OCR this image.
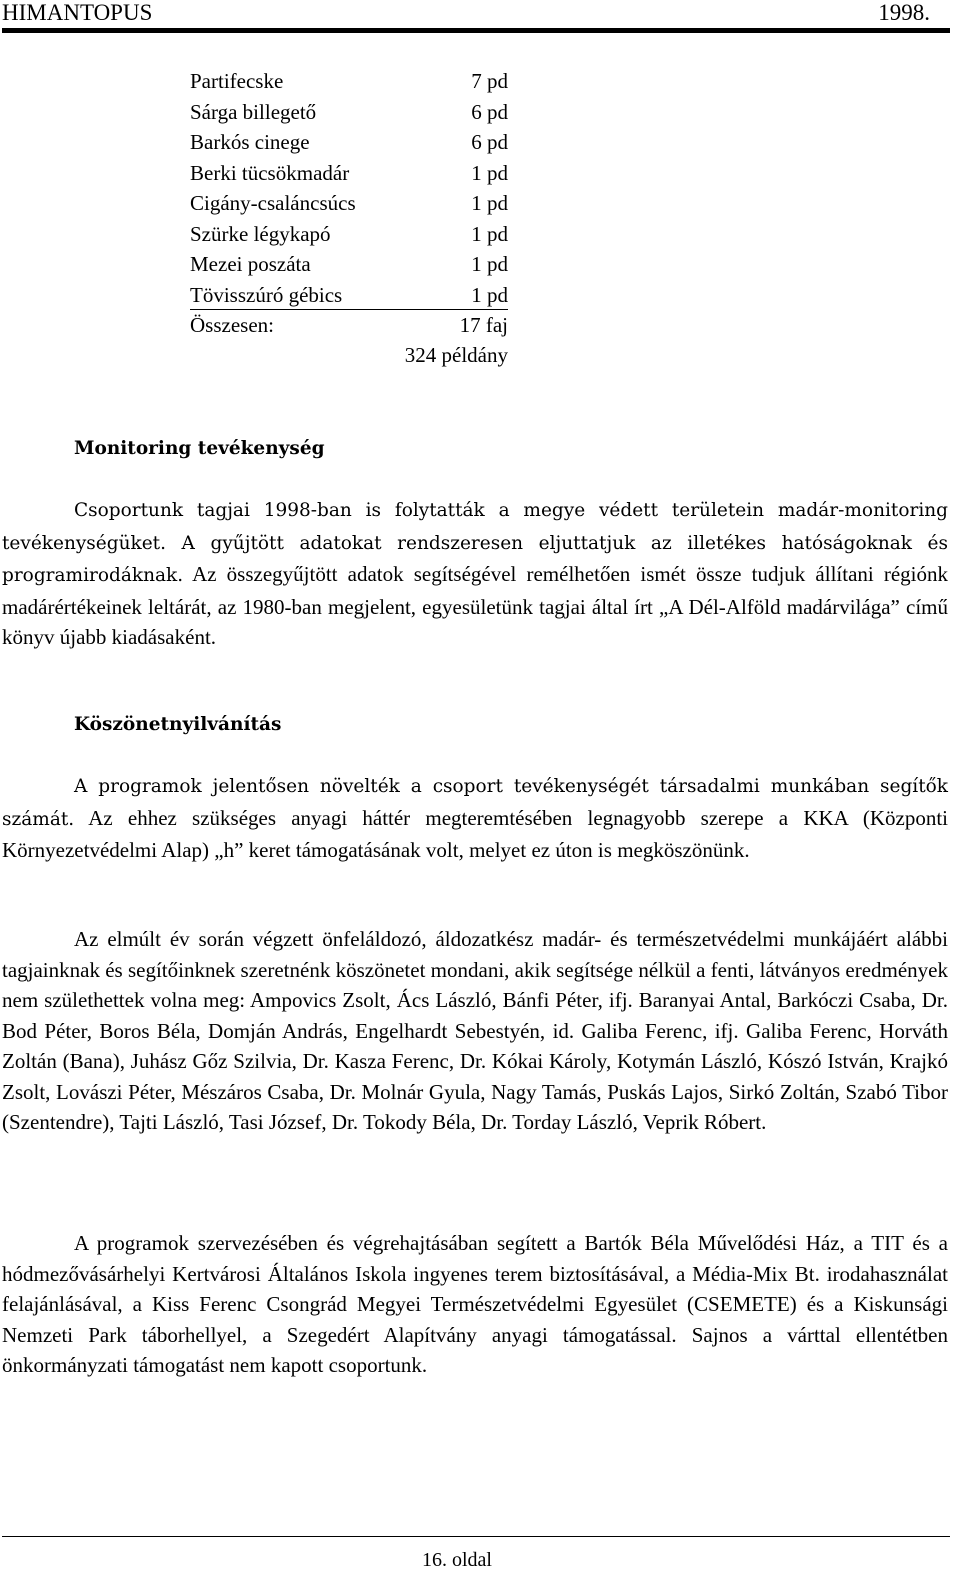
HIMANTOPUS	1998.
Partifecske	7 pd
Sárga billegető	6 pd
Barkós cinege	6 pd
Berki tücsökmadár	1 pd
Cigány-csaláncsúcs	1 pd
Szürke légykapó	1 pd
Mezei poszáta	1 pd
Tövisszúró gébics	1 pd
Összesen:	17 faj
324 példány
Monitoring tevékenység

Csoportunk tagjai 1998-ban is folytatták a megye védett területein madár-monitoring tevékenységüket. A gyűjtött adatokat rendszeresen eljuttatjuk az illetékes hatóságoknak és programirodáknak. Az összegyűjtött adatok segítségével remélhetően ismét össze tudjuk állítani régiónk madárértékeinek leltárát, az 1980-ban megjelent, egyesületünk tagjai által írt „A Dél-Alföld madárvilága” című könyv újabb kiadásaként.

Köszönetnyilvánítás

A programok jelentősen növelték a csoport tevékenységét társadalmi munkában segítők számát. Az ehhez szükséges anyagi háttér megteremtésében legnagyobb szerepe a KKA (Központi Környezetvédelmi Alap) „h” keret támogatásának volt, melyet ez úton is megköszönünk.

Az elmúlt év során végzett önfeláldozó, áldozatkész madár- és természetvédelmi munkájáért alábbi tagjainknak és segítőinknek szeretnénk köszönetet mondani, akik segítsége nélkül a fenti, látványos eredmények nem születhettek volna meg: Ampovics Zsolt, Ács László, Bánfi Péter, ifj. Baranyai Antal, Barkóczi Csaba, Dr. Bod Péter, Boros Béla, Domján András, Engelhardt Sebestyén, id. Galiba Ferenc, ifj. Galiba Ferenc, Horváth Zoltán (Bana), Juhász Gőz Szilvia, Dr. Kasza Ferenc, Dr. Kókai Károly, Kotymán László, Kószó István, Krajkó Zsolt, Lovászi Péter, Mészáros Csaba, Dr. Molnár Gyula, Nagy Tamás, Puskás Lajos, Sirkó Zoltán, Szabó Tibor (Szentendre), Tajti László, Tasi József, Dr. Tokody Béla, Dr. Torday László, Veprik Róbert.

A programok szervezésében és végrehajtásában segített a Bartók Béla Művelődési Ház, a TIT és a hódmezővásárhelyi Kertvárosi Általános Iskola ingyenes terem biztosításával, a Média-Mix Bt. irodahasználat felajánlásával, a Kiss Ferenc Csongrád Megyei Természetvédelmi Egyesület (CSEMETE) és a Kiskunsági Nemzeti Park táborhellyel, a Szegedért Alapítvány anyagi támogatással. Sajnos a várttal ellentétben önkormányzati támogatást nem kapott csoportunk.

16. oldal
